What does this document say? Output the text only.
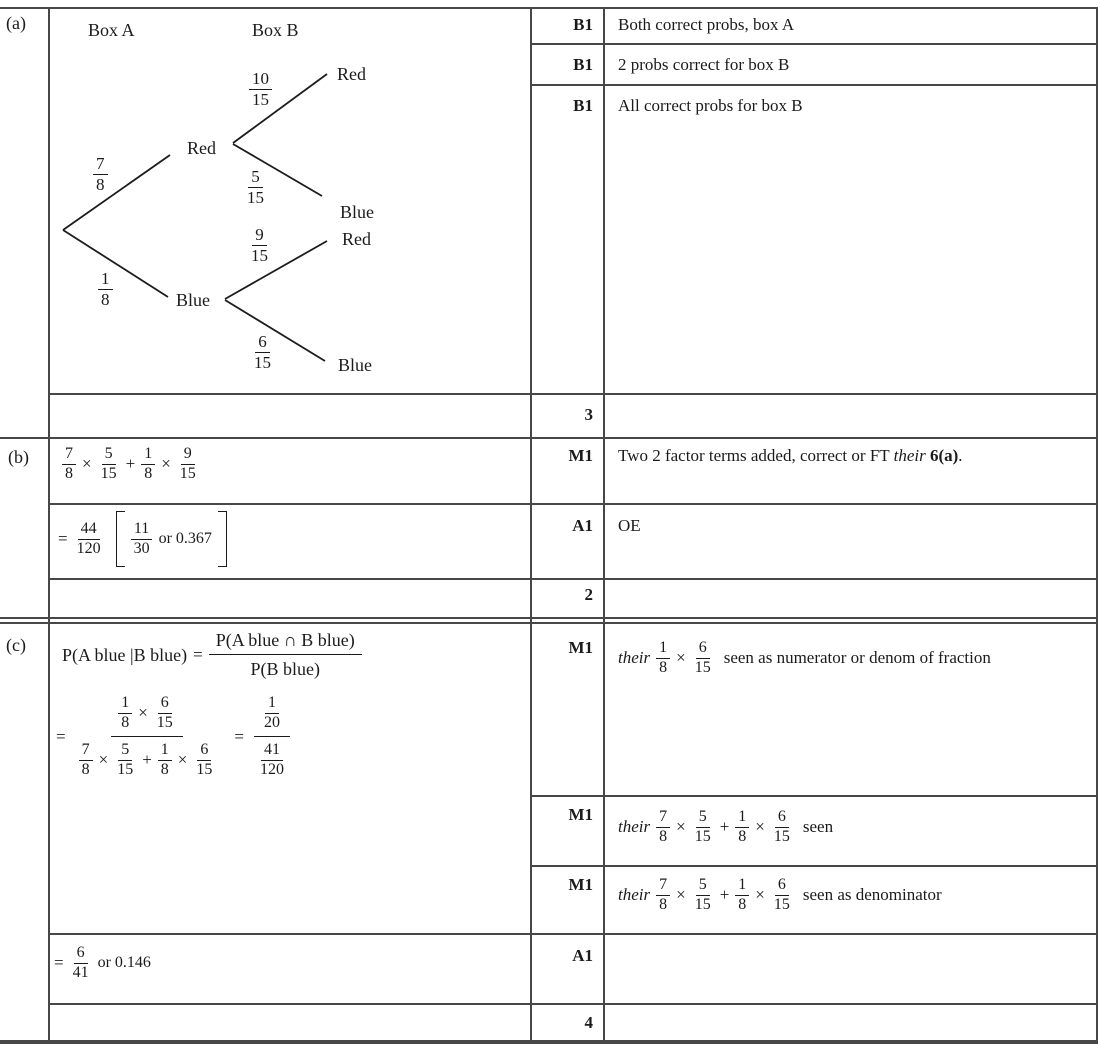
(a)
(b)
(c)
Box A	Box B
Red
Blue
Red
Blue
Red
Blue
$\frac{7}{8}$
$\frac{1}{8}$
$\frac{10}{15}$
$\frac{5}{15}$
$\frac{9}{15}$
$\frac{6}{15}$
$\frac{7}{8} \times \frac{5}{15} + \frac{1}{8} \times \frac{9}{15}$
= $\frac{44}{120} \frac{11}{30}$ or 0.367
P(A blue |B blue) =
P(A blue ∩ B blue)
P(B blue)
=
$\frac{1}{8} \times \frac{6}{15}$
$\frac{7}{8} \times \frac{5}{15} + \frac{1}{8} \times \frac{6}{15}$
= $\frac{\frac{1}{20}}{\frac{41}{120}}$
= $\frac{6}{41}$ or 0.146
B1
B1
B1
3
M1
A1
2
M1
M1
M1
A1
4
Both correct probs, box A
2 probs correct for box B
All correct probs for box B
Two 2 factor terms added, correct or FT their 6(a).
OE
their $\frac{1}{8} \times \frac{6}{15}$ seen as numerator or denom of fraction
their $\frac{7}{8} \times \frac{5}{15} + \frac{1}{8} \times \frac{6}{15}$ seen
their $\frac{7}{8} \times \frac{5}{15} + \frac{1}{8} \times \frac{6}{15}$ seen as denominator
